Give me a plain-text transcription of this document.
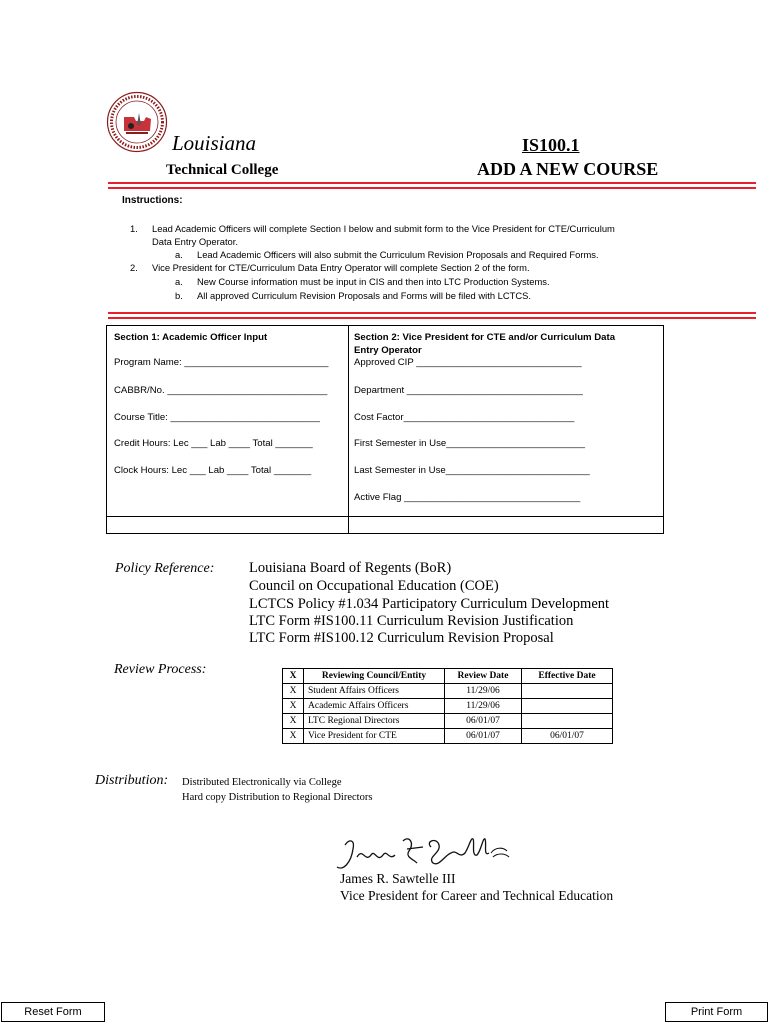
Louisiana
Technical College
IS100.1
ADD A NEW COURSE
Instructions:
1. Lead Academic Officers will complete Section I below and submit form to the Vice President for CTE/Curriculum
Data Entry Operator.
a. Lead Academic Officers will also submit the Curriculum Revision Proposals and Required Forms.
2. Vice President for CTE/Curriculum Data Entry Operator will complete Section 2 of the form.
a. New Course information must be input in CIS and then into LTC Production Systems.
b. All approved Curriculum Revision Proposals and Forms will be filed with LCTCS.
Section 1: Academic Officer Input	Section 2: Vice President for CTE and/or Curriculum Data
Entry Operator
Program Name: ___________________________
CABBR/No. ______________________________
Course Title: ____________________________
Credit Hours: Lec ___ Lab ____ Total _______
Clock Hours: Lec ___ Lab ____ Total _______
Approved CIP _______________________________
Department _________________________________
Cost Factor________________________________
First Semester in Use__________________________
Last Semester in Use___________________________
Active Flag _________________________________
Policy Reference: Louisiana Board of Regents (BoR)
Council on Occupational Education (COE)
LCTCS Policy #1.034 Participatory Curriculum Development
LTC Form #IS100.11 Curriculum Revision Justification
LTC Form #IS100.12 Curriculum Revision Proposal
Review Process:	X	Reviewing Council/Entity	Review Date	Effective Date
X	Student Affairs Officers	11/29/06	
X	Academic Affairs Officers	11/29/06	
X	LTC Regional Directors	06/01/07	
X	Vice President for CTE	06/01/07	06/01/07
Distribution: Distributed Electronically via College
Hard copy Distribution to Regional Directors
James R. Sawtelle III
Vice President for Career and Technical Education
Reset Form	Print Form
